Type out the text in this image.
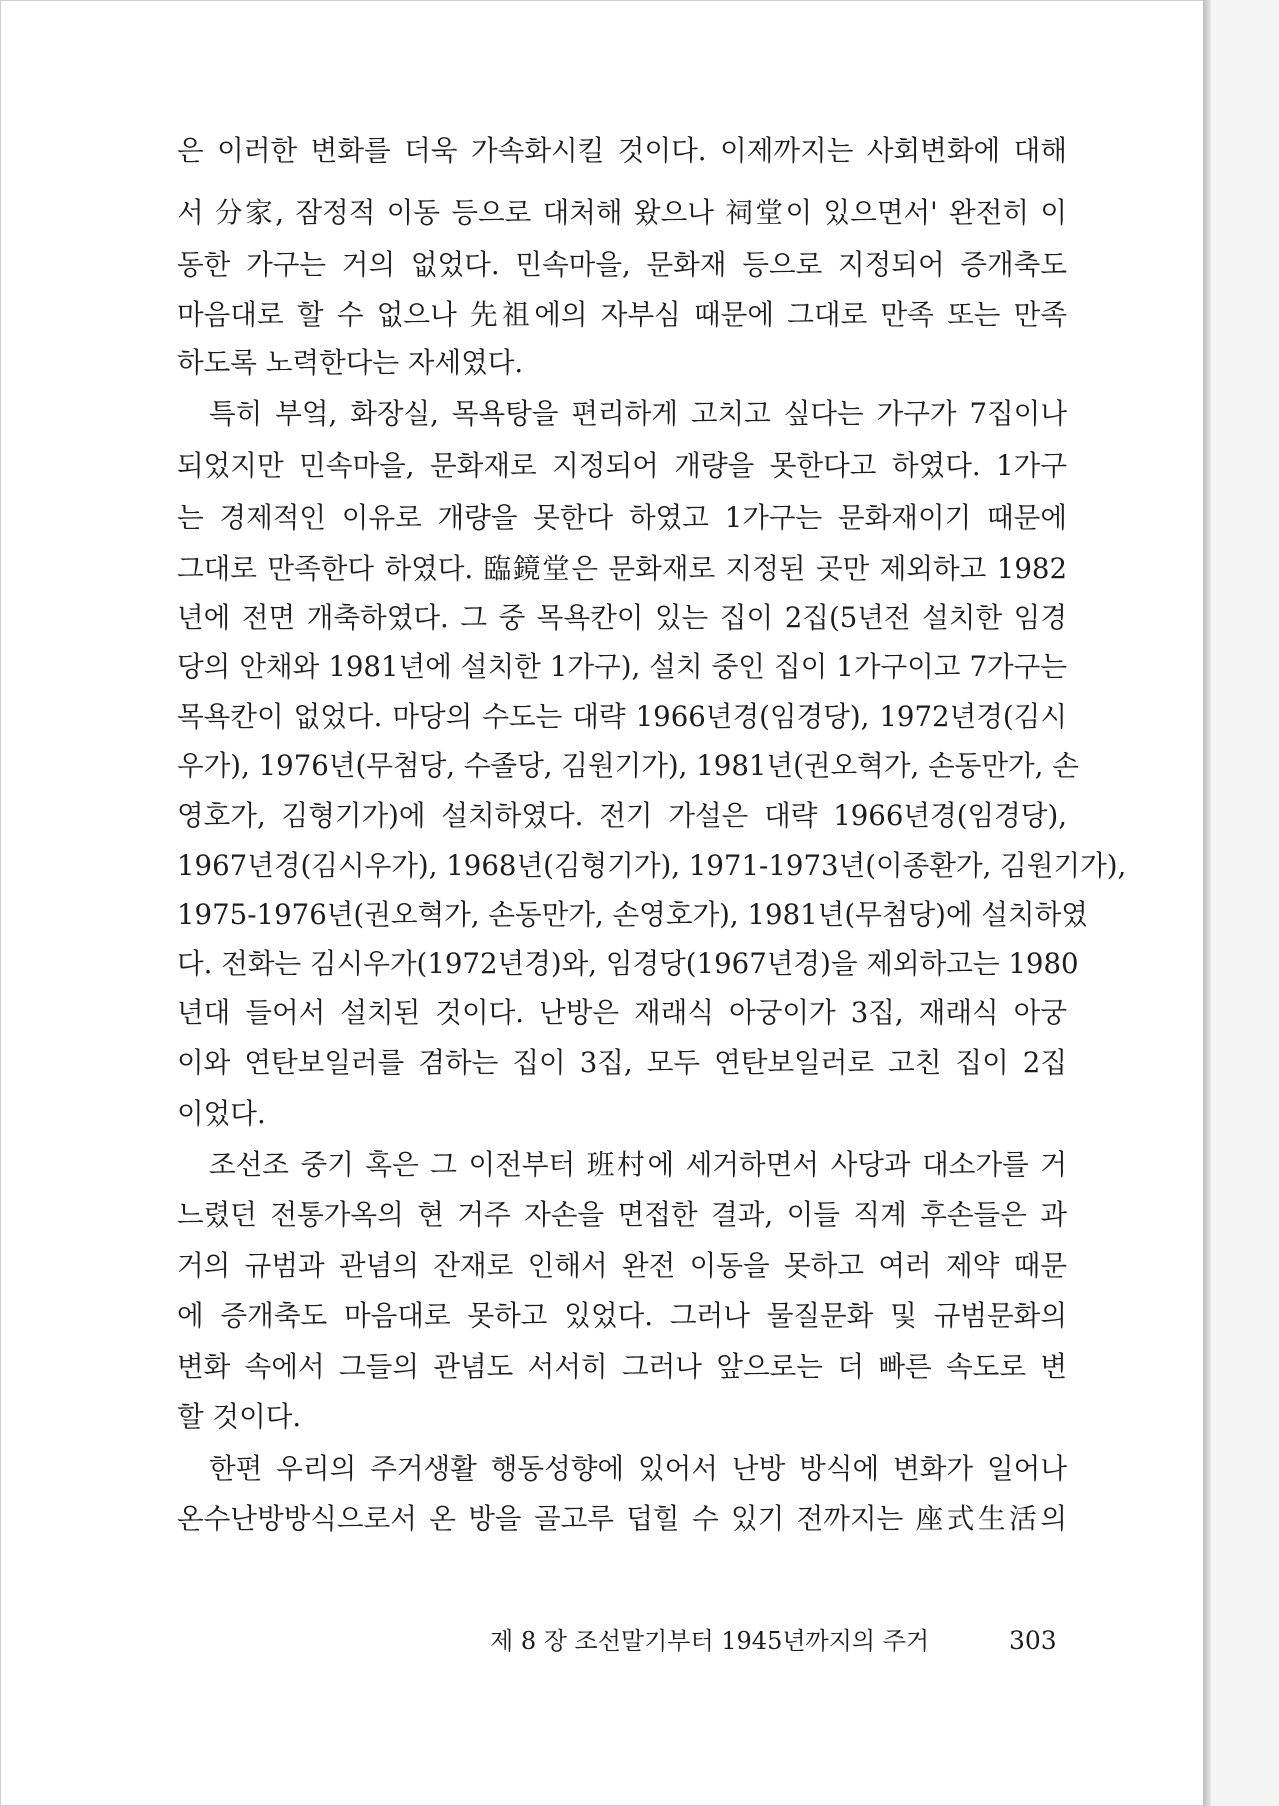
은 이러한 변화를 더욱 가속화시킬 것이다. 이제까지는 사회변화에 대해
서 分家, 잠정적 이동 등으로 대처해 왔으나 祠堂이 있으면서' 완전히 이
동한 가구는 거의 없었다. 민속마을, 문화재 등으로 지정되어 증개축도
마음대로 할 수 없으나 先祖에의 자부심 때문에 그대로 만족 또는 만족
하도록 노력한다는 자세였다.
특히 부엌, 화장실, 목욕탕을 편리하게 고치고 싶다는 가구가 7집이나
되었지만 민속마을, 문화재로 지정되어 개량을 못한다고 하였다. 1가구
는 경제적인 이유로 개량을 못한다 하였고 1가구는 문화재이기 때문에
그대로 만족한다 하였다. 臨鏡堂은 문화재로 지정된 곳만 제외하고 1982
년에 전면 개축하였다. 그 중 목욕칸이 있는 집이 2집(5년전 설치한 임경
당의 안채와 1981년에 설치한 1가구), 설치 중인 집이 1가구이고 7가구는
목욕칸이 없었다. 마당의 수도는 대략 1966년경(임경당), 1972년경(김시
우가), 1976년(무첨당, 수졸당, 김원기가), 1981년(권오혁가, 손동만가, 손
영호가, 김형기가)에 설치하였다. 전기 가설은 대략 1966년경(임경당),
1967년경(김시우가), 1968년(김형기가), 1971-1973년(이종환가, 김원기가),
1975-1976년(권오혁가, 손동만가, 손영호가), 1981년(무첨당)에 설치하였
다. 전화는 김시우가(1972년경)와, 임경당(1967년경)을 제외하고는 1980
년대 들어서 설치된 것이다. 난방은 재래식 아궁이가 3집, 재래식 아궁
이와 연탄보일러를 겸하는 집이 3집, 모두 연탄보일러로 고친 집이 2집
이었다.
조선조 중기 혹은 그 이전부터 班村에 세거하면서 사당과 대소가를 거
느렸던 전통가옥의 현 거주 자손을 면접한 결과, 이들 직계 후손들은 과
거의 규범과 관념의 잔재로 인해서 완전 이동을 못하고 여러 제약 때문
에 증개축도 마음대로 못하고 있었다. 그러나 물질문화 및 규범문화의
변화 속에서 그들의 관념도 서서히 그러나 앞으로는 더 빠른 속도로 변
할 것이다.
한편 우리의 주거생활 행동성향에 있어서 난방 방식에 변화가 일어나
온수난방방식으로서 온 방을 골고루 덥힐 수 있기 전까지는 座式生活의
제 8 장 조선말기부터 1945년까지의 주거	303
